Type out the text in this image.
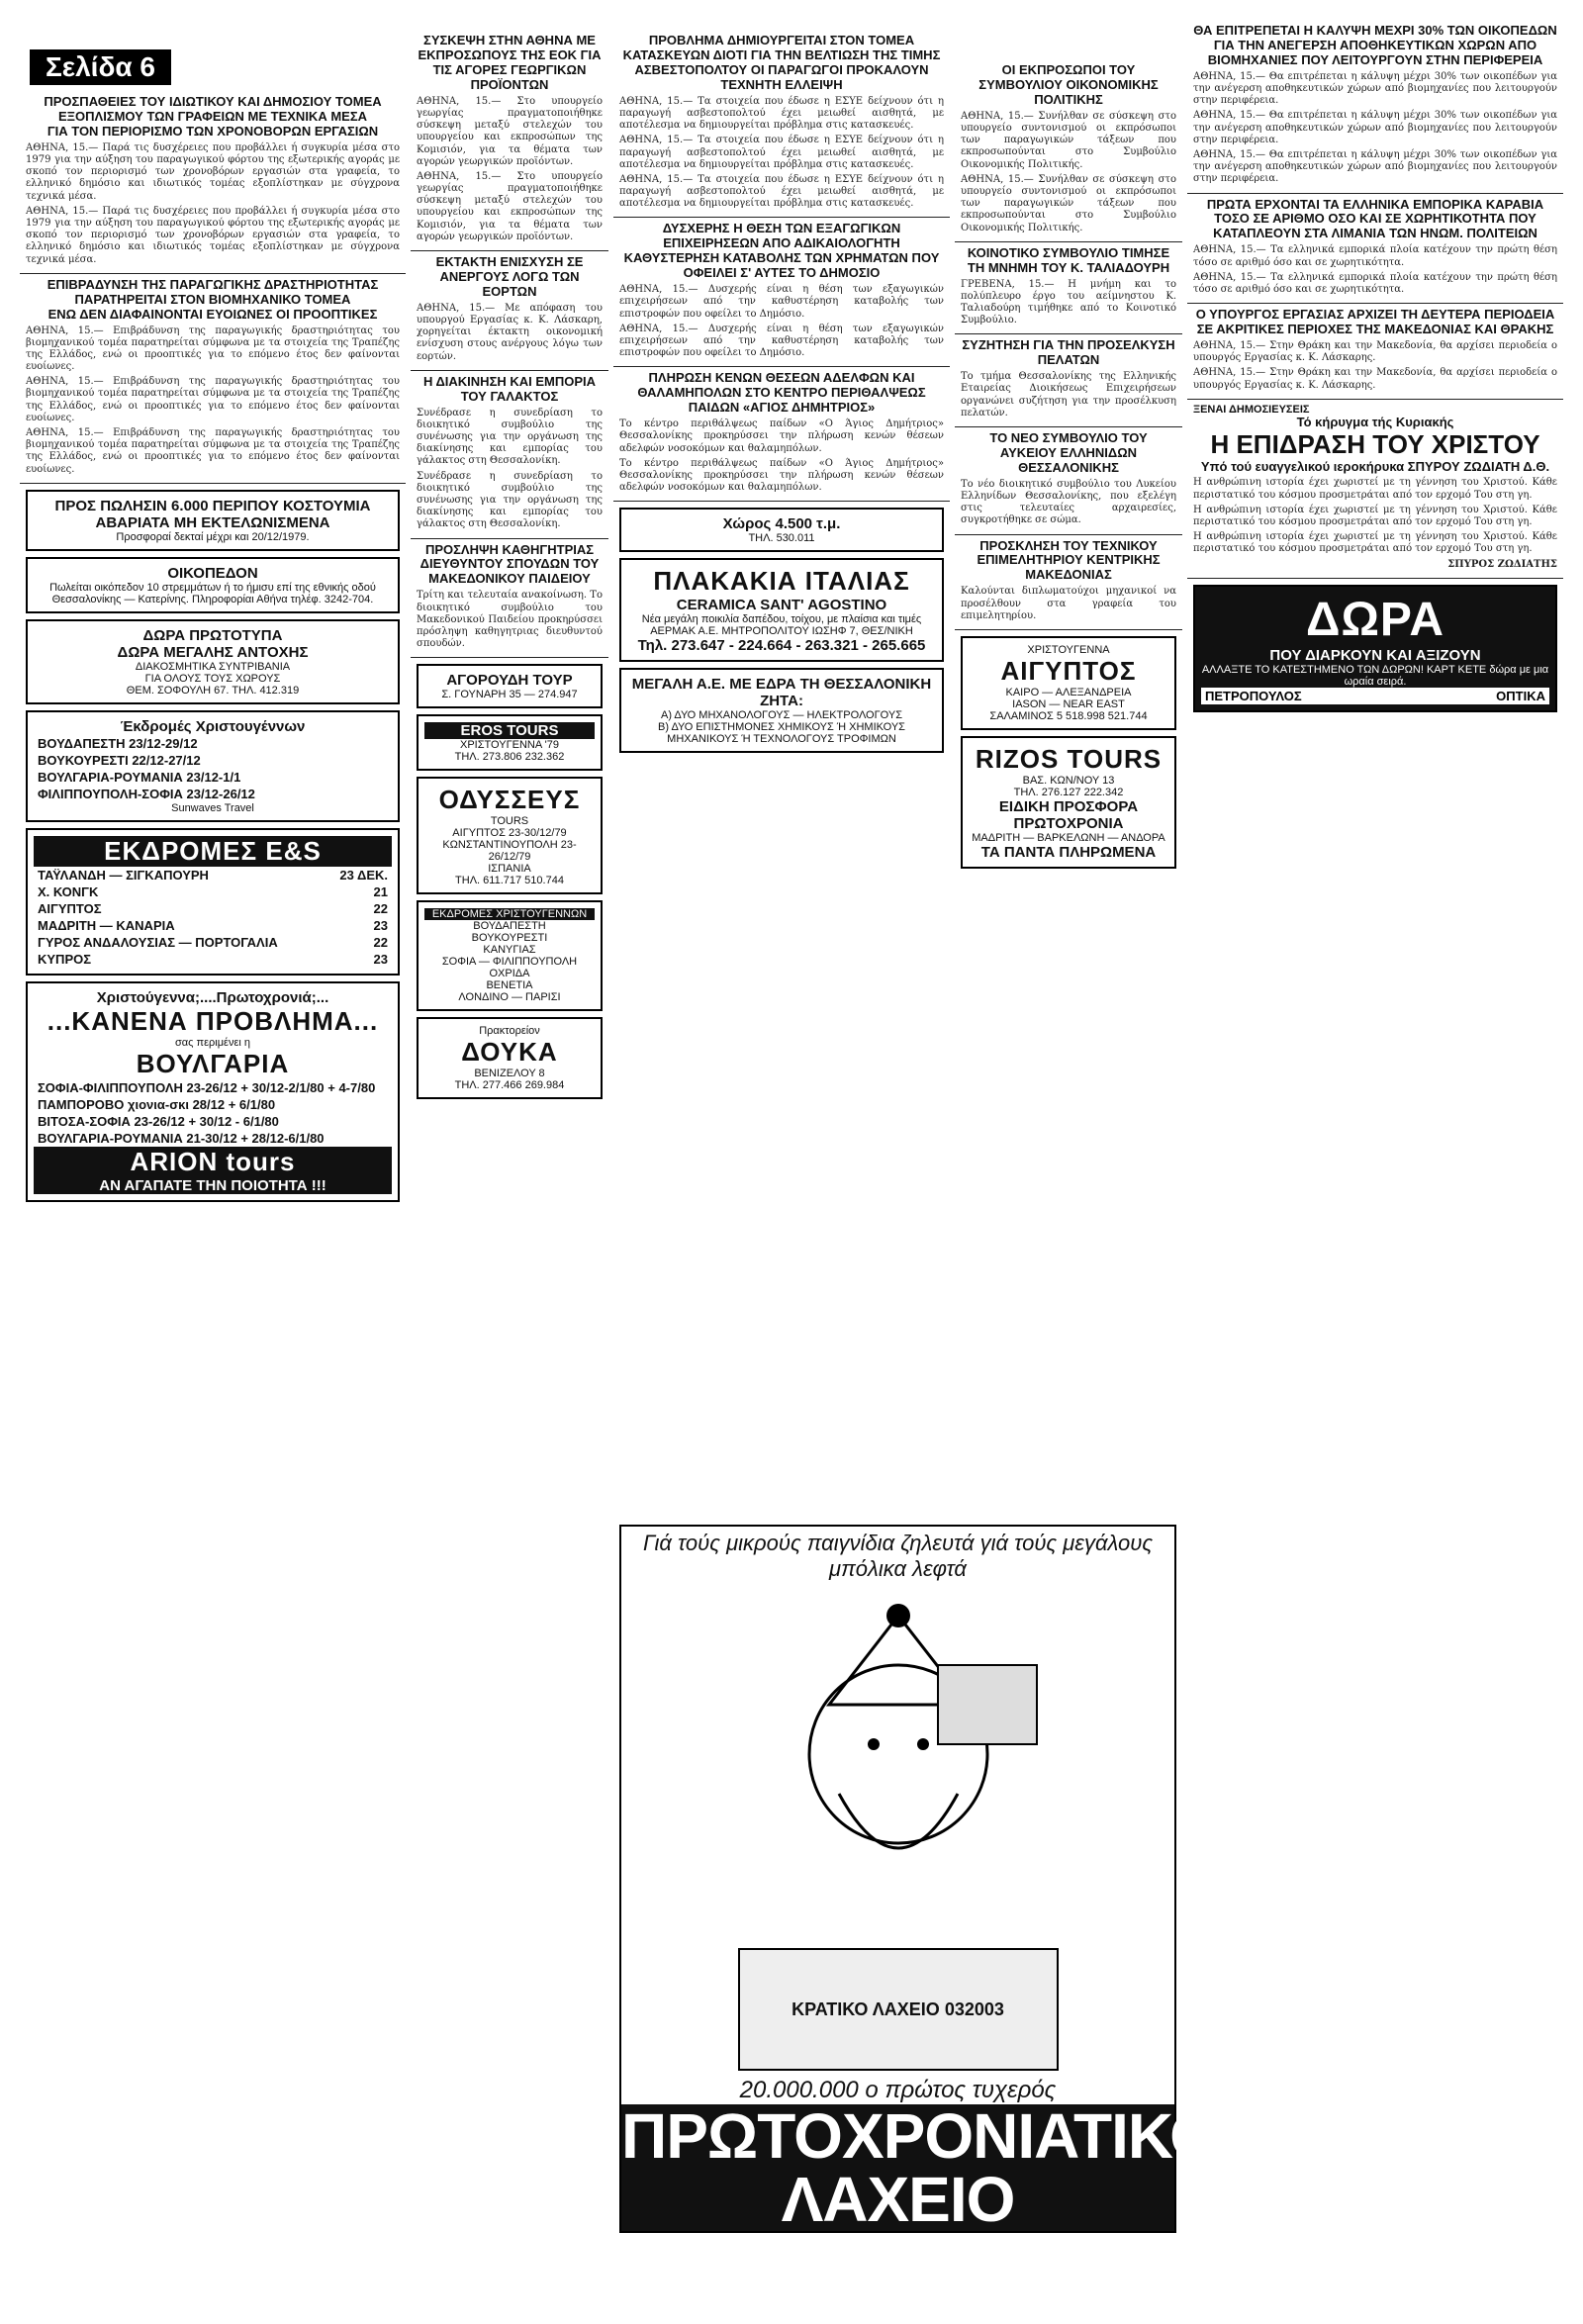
Σελίδα 6
ΠΡΟΣΠΑΘΕΙΕΣ ΤΟΥ ΙΔΙΩΤΙΚΟΥ ΚΑΙ ΔΗΜΟΣΙΟΥ ΤΟΜΕΑ ΕΞΟΠΛΙΣΜΟΥ ΤΩΝ ΓΡΑΦΕΙΩΝ ΜΕ ΤΕΧΝΙΚΑ ΜΕΣΑ
ΓΙΑ ΤΟΝ ΠΕΡΙΟΡΙΣΜΟ ΤΩΝ ΧΡΟΝΟΒΟΡΩΝ ΕΡΓΑΣΙΩΝ

ΑΘΗΝΑ, 15.— Παρά τις δυσχέρειες που προβάλλει ή συγκυρία μέσα στο 1979 για την αύξηση του παραγωγικού φόρτου της εξωτερικής αγοράς με σκοπό τον περιορισμό των χρονοβόρων εργασιών στα γραφεία, το ελληνικό δημόσιο και ιδιωτικός τομέας εξοπλίστηκαν με σύγχρονα τεχνικά μέσα.

ΑΘΗΝΑ, 15.— Παρά τις δυσχέρειες που προβάλλει ή συγκυρία μέσα στο 1979 για την αύξηση του παραγωγικού φόρτου της εξωτερικής αγοράς με σκοπό τον περιορισμό των χρονοβόρων εργασιών στα γραφεία, το ελληνικό δημόσιο και ιδιωτικός τομέας εξοπλίστηκαν με σύγχρονα τεχνικά μέσα.

ΕΠΙΒΡΑΔΥΝΣΗ ΤΗΣ ΠΑΡΑΓΩΓΙΚΗΣ ΔΡΑΣΤΗΡΙΟΤΗΤΑΣ ΠΑΡΑΤΗΡΕΙΤΑΙ ΣΤΟΝ ΒΙΟΜΗΧΑΝΙΚΟ ΤΟΜΕΑ
ΕΝΩ ΔΕΝ ΔΙΑΦΑΙΝΟΝΤΑΙ ΕΥΟΙΩΝΕΣ ΟΙ ΠΡΟΟΠΤΙΚΕΣ

ΑΘΗΝΑ, 15.— Επιβράδυνση της παραγωγικής δραστηριότητας του βιομηχανικού τομέα παρατηρείται σύμφωνα με τα στοιχεία της Τραπέζης της Ελλάδος, ενώ οι προοπτικές για το επόμενο έτος δεν φαίνονται ευοίωνες.

ΑΘΗΝΑ, 15.— Επιβράδυνση της παραγωγικής δραστηριότητας του βιομηχανικού τομέα παρατηρείται σύμφωνα με τα στοιχεία της Τραπέζης της Ελλάδος, ενώ οι προοπτικές για το επόμενο έτος δεν φαίνονται ευοίωνες.

ΑΘΗΝΑ, 15.— Επιβράδυνση της παραγωγικής δραστηριότητας του βιομηχανικού τομέα παρατηρείται σύμφωνα με τα στοιχεία της Τραπέζης της Ελλάδος, ενώ οι προοπτικές για το επόμενο έτος δεν φαίνονται ευοίωνες.

ΠΡΟΣ ΠΩΛΗΣΙΝ 6.000 ΠΕΡΙΠΟΥ ΚΟΣΤΟΥΜΙΑ
ΑΒΑΡΙΑΤΑ ΜΗ ΕΚΤΕΛΩΝΙΣΜΕΝΑ
Προσφοραί δεκταί μέχρι και 20/12/1979.
ΟΙΚΟΠΕΔΟΝ
Πωλείται οικόπεδον 10 στρεμμάτων ή το ήμισυ επί της εθνικής οδού Θεσσαλονίκης — Κατερίνης. Πληροφορίαι Αθήνα τηλέφ. 3242-704.
ΔΩΡΑ ΠΡΩΤΟΤΥΠΑ
ΔΩΡΑ ΜΕΓΑΛΗΣ ΑΝΤΟΧΗΣ
ΔΙΑΚΟΣΜΗΤΙΚΑ ΣΥΝΤΡΙΒΑΝΙΑ
ΓΙΑ ΟΛΟΥΣ ΤΟΥΣ ΧΩΡΟΥΣ
ΘΕΜ. ΣΟΦΟΥΛΗ 67. ΤΗΛ. 412.319
Έκδρομές Χριστουγέννων
ΒΟΥΔΑΠΕΣΤΗ 23/12-29/12
ΒΟΥΚΟΥΡΕΣΤΙ 22/12-27/12
ΒΟΥΛΓΑΡΙΑ-ΡΟΥΜΑΝΙΑ 23/12-1/1
ΦΙΛΙΠΠΟΥΠΟΛΗ-ΣΟΦΙΑ 23/12-26/12
Sunwaves Travel
ΕΚΔΡΟΜΕΣ E&S
ΤΑΫΛΑΝΔΗ — ΣΙΓΚΑΠΟΥΡΗ	23 ΔΕΚ.
Χ. ΚΟΝΓΚ	21
ΑΙΓΥΠΤΟΣ	22
ΜΑΔΡΙΤΗ — ΚΑΝΑΡΙΑ	23
ΓΥΡΟΣ ΑΝΔΑΛΟΥΣΙΑΣ — ΠΟΡΤΟΓΑΛΙΑ	22
ΚΥΠΡΟΣ	23
Χριστούγεννα;....Πρωτοχρονιά;...
...ΚΑΝΕΝΑ ΠΡΟΒΛΗΜΑ...
σας περιμένει η
ΒΟΥΛΓΑΡΙΑ
ΣΟΦΙΑ-ΦΙΛΙΠΠΟΥΠΟΛΗ 23-26/12 + 30/12-2/1/80 + 4-7/80
ΠΑΜΠΟΡΟΒΟ χιονια-σκι 28/12 + 6/1/80
ΒΙΤΟΣΑ-ΣΟΦΙΑ 23-26/12 + 30/12 - 6/1/80
ΒΟΥΛΓΑΡΙΑ-ΡΟΥΜΑΝΙΑ 21-30/12 + 28/12-6/1/80
ARION tours
ΑΝ ΑΓΑΠΑΤΕ ΤΗΝ ΠΟΙΟΤΗΤΑ !!!
ΣΥΣΚΕΨΗ ΣΤΗΝ ΑΘΗΝΑ ΜΕ ΕΚΠΡΟΣΩΠΟΥΣ ΤΗΣ ΕΟΚ ΓΙΑ ΤΙΣ ΑΓΟΡΕΣ ΓΕΩΡΓΙΚΩΝ ΠΡΟΪΟΝΤΩΝ

ΑΘΗΝΑ, 15.— Στο υπουργείο γεωργίας πραγματοποιήθηκε σύσκεψη μεταξύ στελεχών του υπουργείου και εκπροσώπων της Κομισιόν, για τα θέματα των αγορών γεωργικών προϊόντων.

ΑΘΗΝΑ, 15.— Στο υπουργείο γεωργίας πραγματοποιήθηκε σύσκεψη μεταξύ στελεχών του υπουργείου και εκπροσώπων της Κομισιόν, για τα θέματα των αγορών γεωργικών προϊόντων.

ΕΚΤΑΚΤΗ ΕΝΙΣΧΥΣΗ ΣΕ ΑΝΕΡΓΟΥΣ ΛΟΓΩ ΤΩΝ ΕΟΡΤΩΝ

ΑΘΗΝΑ, 15.— Με απόφαση του υπουργού Εργασίας κ. Κ. Λάσκαρη, χορηγείται έκτακτη οικονομική ενίσχυση στους ανέργους λόγω των εορτών.

Η ΔΙΑΚΙΝΗΣΗ ΚΑΙ ΕΜΠΟΡΙΑ ΤΟΥ ΓΑΛΑΚΤΟΣ

Συνέδρασε η συνεδρίαση το διοικητικό συμβούλιο της συνένωσης για την οργάνωση της διακίνησης και εμπορίας του γάλακτος στη Θεσσαλονίκη.

Συνέδρασε η συνεδρίαση το διοικητικό συμβούλιο της συνένωσης για την οργάνωση της διακίνησης και εμπορίας του γάλακτος στη Θεσσαλονίκη.

ΠΡΟΣΛΗΨΗ ΚΑΘΗΓΗΤΡΙΑΣ ΔΙΕΥΘΥΝΤΟΥ ΣΠΟΥΔΩΝ ΤΟΥ ΜΑΚΕΔΟΝΙΚΟΥ ΠΑΙΔΕΙΟΥ

Τρίτη και τελευταία ανακοίνωση. Το διοικητικό συμβούλιο του Μακεδονικού Παιδείου προκηρύσσει πρόσληψη καθηγητριας διευθυντού σπουδών.

ΑΓΟΡΟΥΔΗ ΤΟΥΡ
Σ. ΓΟΥΝΑΡΗ 35 — 274.947
EROS TOURS
ΧΡΙΣΤΟΥΓΕΝΝΑ '79
ΤΗΛ. 273.806 232.362
ΟΔΥΣΣΕΥΣ
TOURS
ΑΙΓΥΠΤΟΣ 23-30/12/79
ΚΩΝΣΤΑΝΤΙΝΟΥΠΟΛΗ 23-26/12/79
ΙΣΠΑΝΙΑ
ΤΗΛ. 611.717 510.744
ΕΚΔΡΟΜΕΣ ΧΡΙΣΤΟΥΓΕΝΝΩΝ
ΒΟΥΔΑΠΕΣΤΗ
ΒΟΥΚΟΥΡΕΣΤΙ
ΚΑΝΥΓΙΑΣ
ΣΟΦΙΑ — ΦΙΛΙΠΠΟΥΠΟΛΗ
ΟΧΡΙΔΑ
ΒΕΝΕΤΙΑ
ΛΟΝΔΙΝΟ — ΠΑΡΙΣΙ
Πρακτορείον
ΔΟΥΚΑ
ΒΕΝΙΖΕΛΟΥ 8
ΤΗΛ. 277.466 269.984
ΠΡΟΒΛΗΜΑ ΔΗΜΙΟΥΡΓΕΙΤΑΙ ΣΤΟΝ ΤΟΜΕΑ ΚΑΤΑΣΚΕΥΩΝ ΔΙΟΤΙ ΓΙΑ ΤΗΝ ΒΕΛΤΙΩΣΗ ΤΗΣ ΤΙΜΗΣ ΑΣΒΕΣΤΟΠΟΛΤΟΥ ΟΙ ΠΑΡΑΓΩΓΟΙ ΠΡΟΚΑΛΟΥΝ ΤΕΧΝΗΤΗ ΕΛΛΕΙΨΗ

ΑΘΗΝΑ, 15.— Τα στοιχεία που έδωσε η ΕΣΥΕ δείχνουν ότι η παραγωγή ασβεστοπολτού έχει μειωθεί αισθητά, με αποτέλεσμα να δημιουργείται πρόβλημα στις κατασκευές.

ΑΘΗΝΑ, 15.— Τα στοιχεία που έδωσε η ΕΣΥΕ δείχνουν ότι η παραγωγή ασβεστοπολτού έχει μειωθεί αισθητά, με αποτέλεσμα να δημιουργείται πρόβλημα στις κατασκευές.

ΑΘΗΝΑ, 15.— Τα στοιχεία που έδωσε η ΕΣΥΕ δείχνουν ότι η παραγωγή ασβεστοπολτού έχει μειωθεί αισθητά, με αποτέλεσμα να δημιουργείται πρόβλημα στις κατασκευές.

ΔΥΣΧΕΡΗΣ Η ΘΕΣΗ ΤΩΝ ΕΞΑΓΩΓΙΚΩΝ ΕΠΙΧΕΙΡΗΣΕΩΝ ΑΠΟ ΑΔΙΚΑΙΟΛΟΓΗΤΗ ΚΑΘΥΣΤΕΡΗΣΗ ΚΑΤΑΒΟΛΗΣ ΤΩΝ ΧΡΗΜΑΤΩΝ ΠΟΥ ΟΦΕΙΛΕΙ Σ' ΑΥΤΕΣ ΤΟ ΔΗΜΟΣΙΟ

ΑΘΗΝΑ, 15.— Δυσχερής είναι η θέση των εξαγωγικών επιχειρήσεων από την καθυστέρηση καταβολής των επιστροφών που οφείλει το Δημόσιο.

ΑΘΗΝΑ, 15.— Δυσχερής είναι η θέση των εξαγωγικών επιχειρήσεων από την καθυστέρηση καταβολής των επιστροφών που οφείλει το Δημόσιο.

ΠΛΗΡΩΣΗ ΚΕΝΩΝ ΘΕΣΕΩΝ ΑΔΕΛΦΩΝ ΚΑΙ ΘΑΛΑΜΗΠΟΛΩΝ ΣΤΟ ΚΕΝΤΡΟ ΠΕΡΙΘΑΛΨΕΩΣ ΠΑΙΔΩΝ «ΑΓΙΟΣ ΔΗΜΗΤΡΙΟΣ»

Το κέντρο περιθάλψεως παίδων «Ο Άγιος Δημήτριος» Θεσσαλονίκης προκηρύσσει την πλήρωση κενών θέσεων αδελφών νοσοκόμων και θαλαμηπόλων.

Το κέντρο περιθάλψεως παίδων «Ο Άγιος Δημήτριος» Θεσσαλονίκης προκηρύσσει την πλήρωση κενών θέσεων αδελφών νοσοκόμων και θαλαμηπόλων.

Χώρος 4.500 τ.μ.
ΤΗΛ. 530.011
ΠΛΑΚΑΚΙΑ ΙΤΑΛΙΑΣ
CERAMICA SANT' AGOSTINO
Νέα μεγάλη ποικιλία δαπέδου, τοίχου, με πλαίσια και τιμές ΑΕΡΜΑΚ Α.Ε. ΜΗΤΡΟΠΟΛΙΤΟΥ ΙΩΣΗΦ 7, ΘΕΣ/ΝΙΚΗ
Τηλ. 273.647 - 224.664 - 263.321 - 265.665
ΜΕΓΑΛΗ Α.Ε. ΜΕ ΕΔΡΑ ΤΗ ΘΕΣΣΑΛΟΝΙΚΗ
ΖΗΤΑ:
Α) ΔΥΟ ΜΗΧΑΝΟΛΟΓΟΥΣ — ΗΛΕΚΤΡΟΛΟΓΟΥΣ
Β) ΔΥΟ ΕΠΙΣΤΗΜΟΝΕΣ ΧΗΜΙΚΟΥΣ Ή ΧΗΜΙΚΟΥΣ ΜΗΧΑΝΙΚΟΥΣ Ή ΤΕΧΝΟΛΟΓΟΥΣ ΤΡΟΦΙΜΩΝ
ΟΙ ΕΚΠΡΟΣΩΠΟΙ ΤΟΥ ΣΥΜΒΟΥΛΙΟΥ ΟΙΚΟΝΟΜΙΚΗΣ ΠΟΛΙΤΙΚΗΣ

ΑΘΗΝΑ, 15.— Συνήλθαν σε σύσκεψη στο υπουργείο συντονισμού οι εκπρόσωποι των παραγωγικών τάξεων που εκπροσωπούνται στο Συμβούλιο Οικονομικής Πολιτικής.

ΑΘΗΝΑ, 15.— Συνήλθαν σε σύσκεψη στο υπουργείο συντονισμού οι εκπρόσωποι των παραγωγικών τάξεων που εκπροσωπούνται στο Συμβούλιο Οικονομικής Πολιτικής.

ΚΟΙΝΟΤΙΚΟ ΣΥΜΒΟΥΛΙΟ ΤΙΜΗΣΕ ΤΗ ΜΝΗΜΗ ΤΟΥ Κ. ΤΑΛΙΑΔΟΥΡΗ

ΓΡΕΒΕΝΑ, 15.— Η μνήμη και το πολύπλευρο έργο του αείμνηστου Κ. Ταλιαδούρη τιμήθηκε από το Κοινοτικό Συμβούλιο.

ΣΥΖΗΤΗΣΗ ΓΙΑ ΤΗΝ ΠΡΟΣΕΛΚΥΣΗ ΠΕΛΑΤΩΝ

Το τμήμα Θεσσαλονίκης της Ελληνικής Εταιρείας Διοικήσεως Επιχειρήσεων οργανώνει συζήτηση για την προσέλκυση πελατών.

ΤΟ ΝΕΟ ΣΥΜΒΟΥΛΙΟ ΤΟΥ ΑΥΚΕΙΟΥ ΕΛΛΗΝΙΔΩΝ ΘΕΣΣΑΛΟΝΙΚΗΣ

Το νέο διοικητικό συμβούλιο του Λυκείου Ελληνίδων Θεσσαλονίκης, που εξελέγη στις τελευταίες αρχαιρεσίες, συγκροτήθηκε σε σώμα.

ΠΡΟΣΚΛΗΣΗ ΤΟΥ ΤΕΧΝΙΚΟΥ ΕΠΙΜΕΛΗΤΗΡΙΟΥ ΚΕΝΤΡΙΚΗΣ ΜΑΚΕΔΟΝΙΑΣ

Καλούνται διπλωματούχοι μηχανικοί να προσέλθουν στα γραφεία του επιμελητηρίου.

ΧΡΙΣΤΟΥΓΕΝΝΑ
ΑΙΓΥΠΤΟΣ
ΚΑΙΡΟ — ΑΛΕΞΑΝΔΡΕΙΑ
IASON — NEAR EAST
ΣΑΛΑΜΙΝΟΣ 5 518.998 521.744
RIZOS TOURS
ΒΑΣ. ΚΩΝ/ΝΟΥ 13
ΤΗΛ. 276.127 222.342
ΕΙΔΙΚΗ ΠΡΟΣΦΟΡΑ
ΠΡΩΤΟΧΡΟΝΙΑ
ΜΑΔΡΙΤΗ — ΒΑΡΚΕΛΩΝΗ — ΑΝΔΟΡΑ
ΤΑ ΠΑΝΤΑ ΠΛΗΡΩΜΕΝΑ
Γιά τούς μικρούς παιγνίδια ζηλευτά γιά τούς μεγάλους μπόλικα λεφτά
ΚΡΑΤΙΚΟ ΛΑΧΕΙΟ
032003
20.000.000 ο πρώτος τυχερός
ΠΡΩΤΟΧΡΟΝΙΑΤΙΚΟ ΛΑΧΕΙΟ
ΘΑ ΕΠΙΤΡΕΠΕΤΑΙ Η ΚΑΛΥΨΗ ΜΕΧΡΙ 30% ΤΩΝ ΟΙΚΟΠΕΔΩΝ ΓΙΑ ΤΗΝ ΑΝΕΓΕΡΣΗ ΑΠΟΘΗΚΕΥΤΙΚΩΝ ΧΩΡΩΝ ΑΠΟ ΒΙΟΜΗΧΑΝΙΕΣ ΠΟΥ ΛΕΙΤΟΥΡΓΟΥΝ ΣΤΗΝ ΠΕΡΙΦΕΡΕΙΑ

ΑΘΗΝΑ, 15.— Θα επιτρέπεται η κάλυψη μέχρι 30% των οικοπέδων για την ανέγερση αποθηκευτικών χώρων από βιομηχανίες που λειτουργούν στην περιφέρεια.

ΑΘΗΝΑ, 15.— Θα επιτρέπεται η κάλυψη μέχρι 30% των οικοπέδων για την ανέγερση αποθηκευτικών χώρων από βιομηχανίες που λειτουργούν στην περιφέρεια.

ΑΘΗΝΑ, 15.— Θα επιτρέπεται η κάλυψη μέχρι 30% των οικοπέδων για την ανέγερση αποθηκευτικών χώρων από βιομηχανίες που λειτουργούν στην περιφέρεια.

ΠΡΩΤΑ ΕΡΧΟΝΤΑΙ ΤΑ ΕΛΛΗΝΙΚΑ ΕΜΠΟΡΙΚΑ ΚΑΡΑΒΙΑ ΤΟΣΟ ΣΕ ΑΡΙΘΜΟ ΟΣΟ ΚΑΙ ΣΕ ΧΩΡΗΤΙΚΟΤΗΤΑ ΠΟΥ ΚΑΤΑΠΛΕΟΥΝ ΣΤΑ ΛΙΜΑΝΙΑ ΤΩΝ ΗΝΩΜ. ΠΟΛΙΤΕΙΩΝ

ΑΘΗΝΑ, 15.— Τα ελληνικά εμπορικά πλοία κατέχουν την πρώτη θέση τόσο σε αριθμό όσο και σε χωρητικότητα.

ΑΘΗΝΑ, 15.— Τα ελληνικά εμπορικά πλοία κατέχουν την πρώτη θέση τόσο σε αριθμό όσο και σε χωρητικότητα.

Ο ΥΠΟΥΡΓΟΣ ΕΡΓΑΣΙΑΣ ΑΡΧΙΖΕΙ ΤΗ ΔΕΥΤΕΡΑ ΠΕΡΙΟΔΕΙΑ ΣΕ ΑΚΡΙΤΙΚΕΣ ΠΕΡΙΟΧΕΣ ΤΗΣ ΜΑΚΕΔΟΝΙΑΣ ΚΑΙ ΘΡΑΚΗΣ

ΑΘΗΝΑ, 15.— Στην Θράκη και την Μακεδονία, θα αρχίσει περιοδεία ο υπουργός Εργασίας κ. Κ. Λάσκαρης.

ΑΘΗΝΑ, 15.— Στην Θράκη και την Μακεδονία, θα αρχίσει περιοδεία ο υπουργός Εργασίας κ. Κ. Λάσκαρης.

ΞΕΝΑΙ ΔΗΜΟΣΙΕΥΣΕΙΣ
Τό κήρυγμα τής Κυριακής
Η ΕΠΙΔΡΑΣΗ ΤΟΥ ΧΡΙΣΤΟΥ
Υπό τού ευαγγελικού ιεροκήρυκα ΣΠΥΡΟΥ ΖΩΔΙΑΤΗ Δ.Θ.

Η ανθρώπινη ιστορία έχει χωριστεί με τη γέννηση του Χριστού. Κάθε περιστατικό του κόσμου προσμετράται από τον ερχομό Του στη γη.

Η ανθρώπινη ιστορία έχει χωριστεί με τη γέννηση του Χριστού. Κάθε περιστατικό του κόσμου προσμετράται από τον ερχομό Του στη γη.

Η ανθρώπινη ιστορία έχει χωριστεί με τη γέννηση του Χριστού. Κάθε περιστατικό του κόσμου προσμετράται από τον ερχομό Του στη γη.

ΣΠΥΡΟΣ ΖΩΔΙΑΤΗΣ

ΔΩΡΑ
ΠΟΥ ΔΙΑΡΚΟΥΝ ΚΑΙ ΑΞΙΖΟΥΝ
ΑΛΛΑΞΤΕ ΤΟ ΚΑΤΕΣΤΗΜΕΝΟ ΤΩΝ ΔΩΡΩΝ! ΚΑΡΤ ΚΕΤΕ δώρα με μια ωραία σειρά.
ΠΕΤΡΟΠΟΥΛΟΣ	ΟΠΤΙΚΑ
